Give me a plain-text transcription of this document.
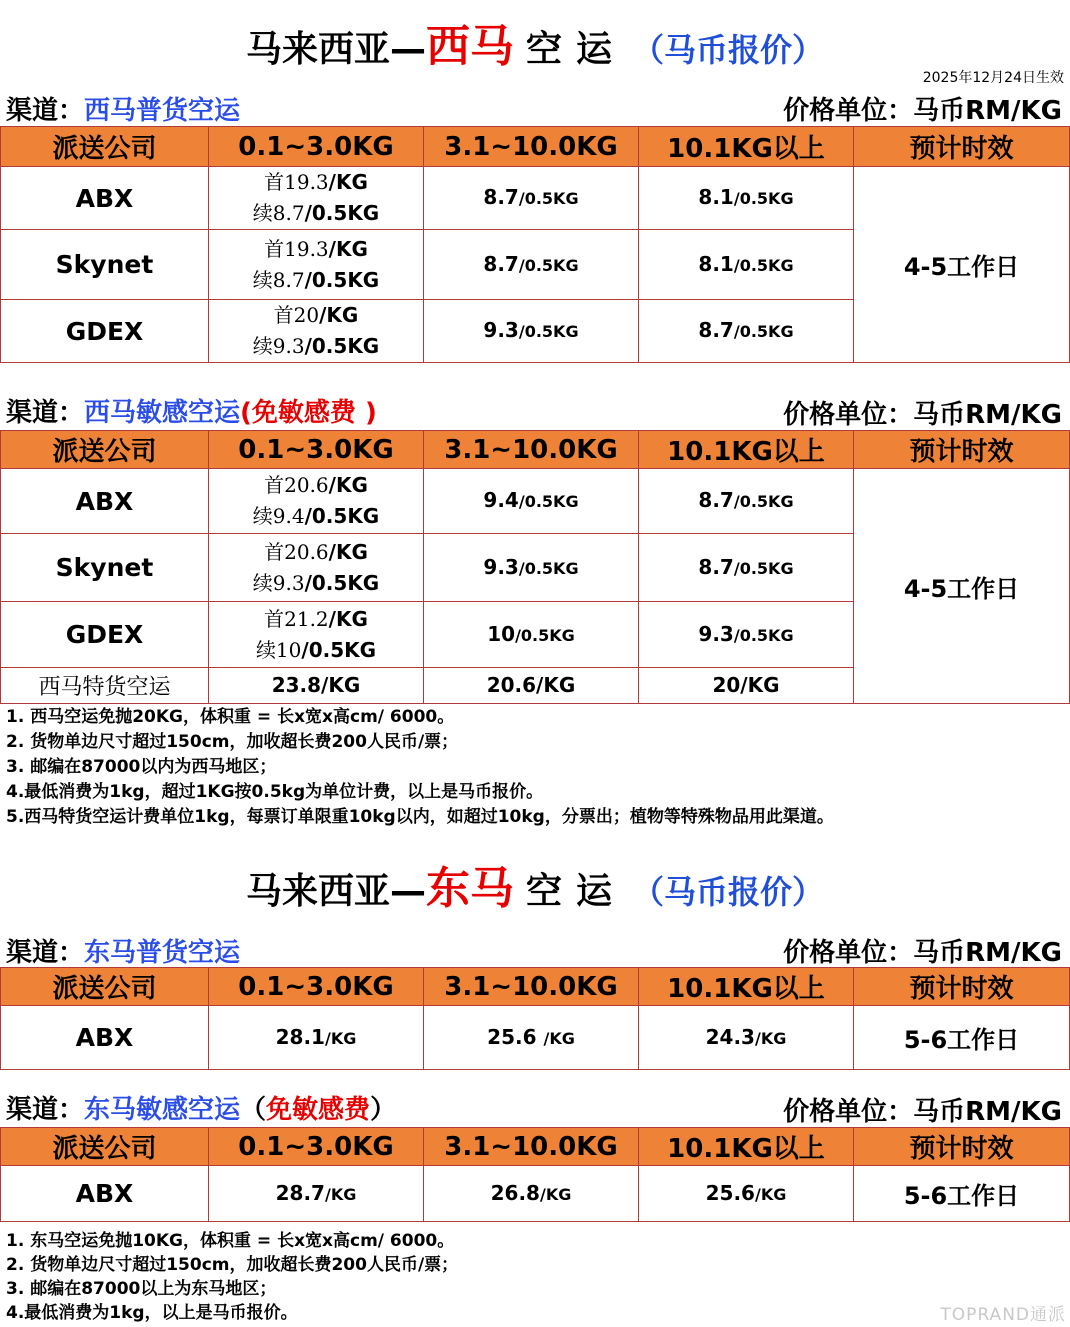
马来西亚—西马 空运 （马币报价）
2025年12月24日生效
渠道：西马普货空运	价格单位：马币RM/KG
派送公司	0.1~3.0KG	3.1~10.0KG	10.1KG以上	预计时效
ABX	首19.3/KG
续8.7/0.5KG	8.7/0.5KG	8.1/0.5KG	4-5工作日
Skynet	首19.3/KG
续8.7/0.5KG	8.7/0.5KG	8.1/0.5KG	
GDEX	首20/KG
续9.3/0.5KG	9.3/0.5KG	8.7/0.5KG	
渠道：西马敏感空运(免敏感费 )	价格单位：马币RM/KG
派送公司	0.1~3.0KG	3.1~10.0KG	10.1KG以上	预计时效
ABX	首20.6/KG
续9.4/0.5KG	9.4/0.5KG	8.7/0.5KG	4-5工作日
Skynet	首20.6/KG
续9.3/0.5KG	9.3/0.5KG	8.7/0.5KG	
GDEX	首21.2/KG
续10/0.5KG	10/0.5KG	9.3/0.5KG	
西马特货空运	23.8/KG	20.6/KG	20/KG	
1. 西马空运免抛20KG，体积重 = 长x宽x高cm/ 6000。
2. 货物单边尺寸超过150cm，加收超长费200人民币/票；
3. 邮编在87000以内为西马地区；
4.最低消费为1kg，超过1KG按0.5kg为单位计费，以上是马币报价。
5.西马特货空运计费单位1kg，每票订单限重10kg以内，如超过10kg，分票出；植物等特殊物品用此渠道。
马来西亚—东马 空运 （马币报价）
渠道：东马普货空运	价格单位：马币RM/KG
派送公司	0.1~3.0KG	3.1~10.0KG	10.1KG以上	预计时效
ABX	28.1/KG	25.6 /KG	24.3/KG	5-6工作日
渠道：东马敏感空运（免敏感费）	价格单位：马币RM/KG
派送公司	0.1~3.0KG	3.1~10.0KG	10.1KG以上	预计时效
ABX	28.7/KG	26.8/KG	25.6/KG	5-6工作日
1. 东马空运免抛10KG，体积重 = 长x宽x高cm/ 6000。
2. 货物单边尺寸超过150cm，加收超长费200人民币/票；
3. 邮编在87000以上为东马地区；
4.最低消费为1kg，以上是马币报价。	TOPRAND通派
